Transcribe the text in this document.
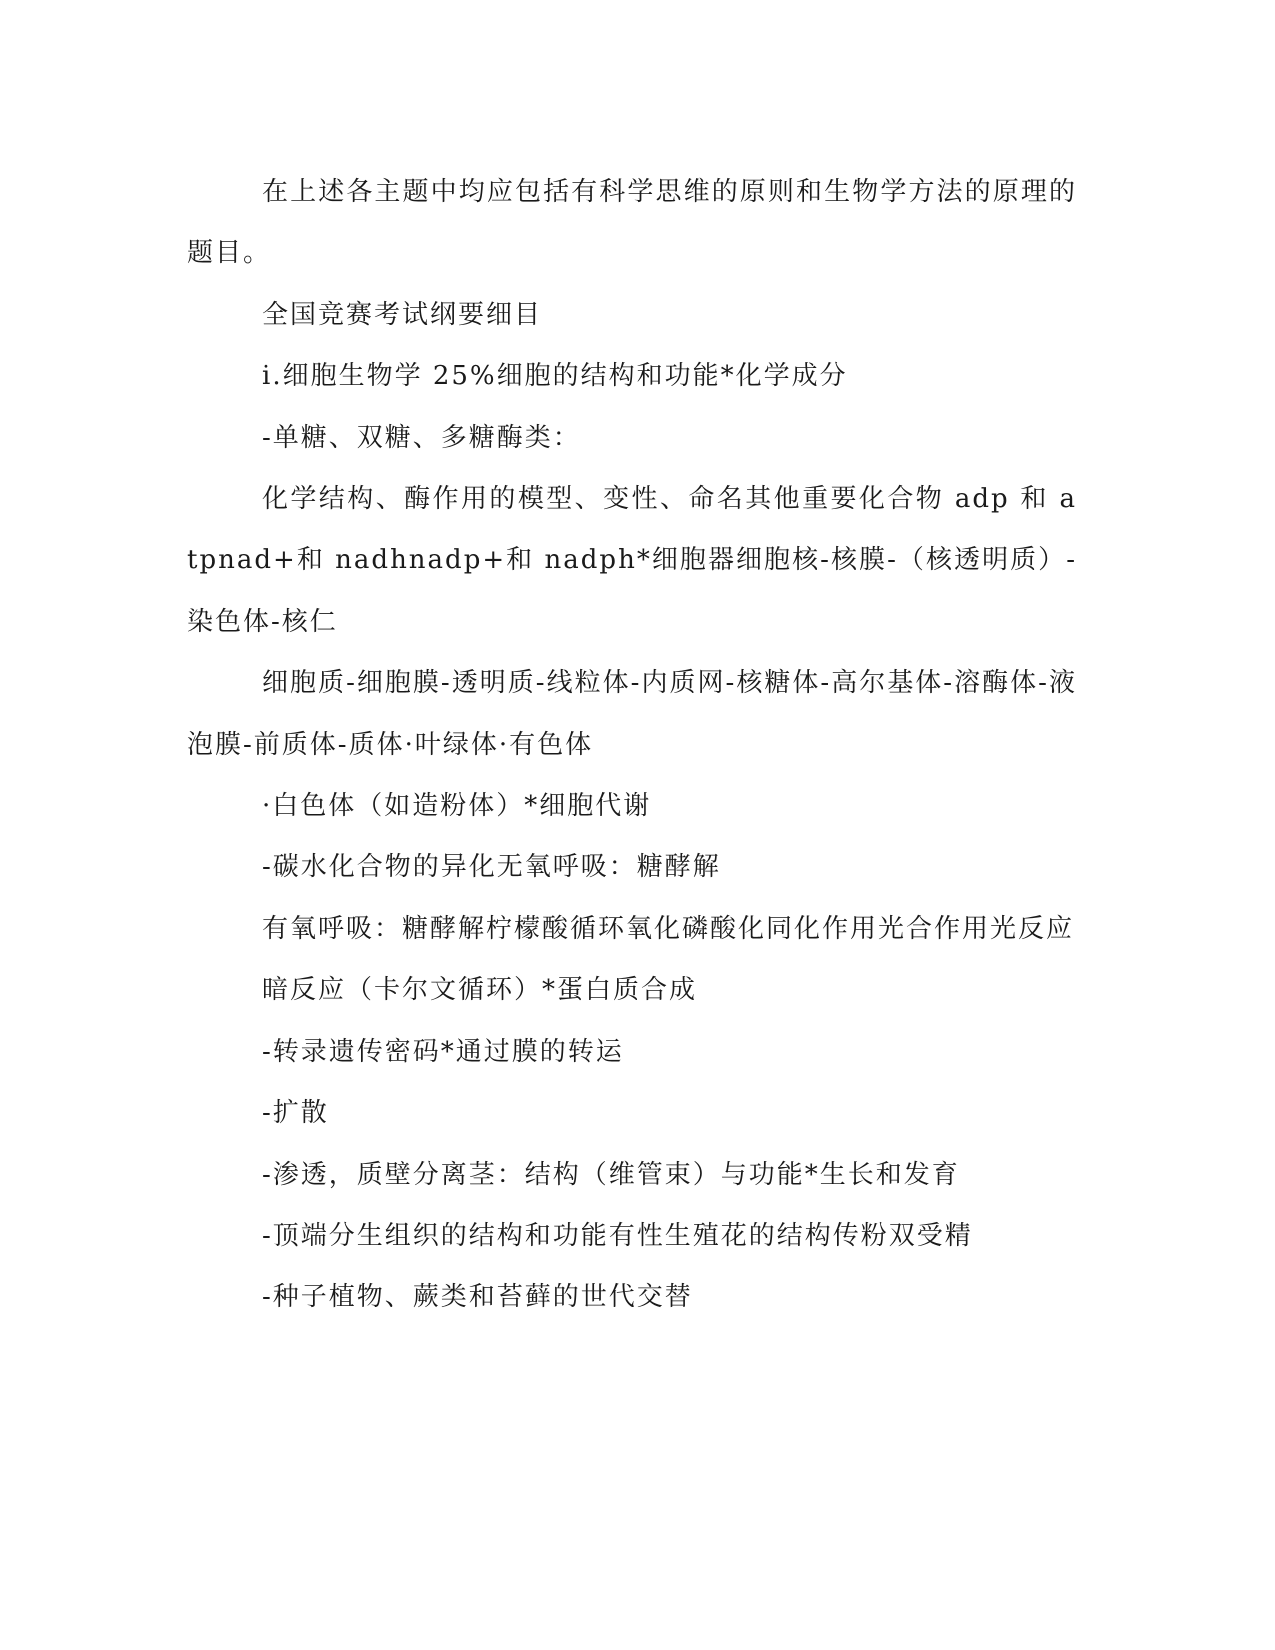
在上述各主题中均应包括有科学思维的原则和生物学方法的原理的题目。

全国竞赛考试纲要细目

ⅰ.细胞生物学 25%细胞的结构和功能*化学成分

-单糖、双糖、多糖酶类：

化学结构、酶作用的模型、变性、命名其他重要化合物 adp 和 atpnad+和 nadhnadp+和 nadph*细胞器细胞核-核膜-（核透明质）-染色体-核仁

细胞质-细胞膜-透明质-线粒体-内质网-核糖体-高尔基体-溶酶体-液泡膜-前质体-质体·叶绿体·有色体

·白色体（如造粉体）*细胞代谢

-碳水化合物的异化无氧呼吸：糖酵解

有氧呼吸：糖酵解柠檬酸循环氧化磷酸化同化作用光合作用光反应

暗反应（卡尔文循环）*蛋白质合成

-转录遗传密码*通过膜的转运

-扩散

-渗透，质壁分离茎：结构（维管束）与功能*生长和发育

-顶端分生组织的结构和功能有性生殖花的结构传粉双受精

-种子植物、蕨类和苔藓的世代交替
